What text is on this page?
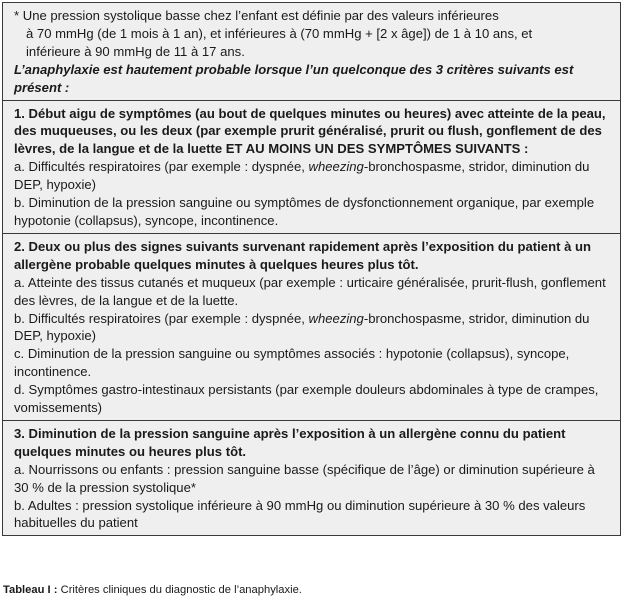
* Une pression systolique basse chez l’enfant est définie par des valeurs inférieures
à 70 mmHg (de 1 mois à 1 an), et inférieures à (70 mmHg + [2 x âge]) de 1 à 10 ans, et
inférieure à 90 mmHg de 11 à 17 ans.
L’anaphylaxie est hautement probable lorsque l’un quelconque des 3 critères suivants est
présent :
1. Début aigu de symptômes (au bout de quelques minutes ou heures) avec atteinte de la peau, des muqueuses, ou les deux (par exemple prurit généralisé, prurit ou flush, gonflement de des lèvres, de la langue et de la luette ET AU MOINS UN DES SYMPTÔMES SUIVANTS :
a. Difficultés respiratoires (par exemple : dyspnée, wheezing-bronchospasme, stridor, diminution du DEP, hypoxie)
b. Diminution de la pression sanguine ou symptômes de dysfonctionnement organique, par exemple hypotonie (collapsus), syncope, incontinence.
2. Deux ou plus des signes suivants survenant rapidement après l’exposition du patient à un allergène probable quelques minutes à quelques heures plus tôt.
a. Atteinte des tissus cutanés et muqueux (par exemple : urticaire généralisée, prurit-flush, gonflement des lèvres, de la langue et de la luette.
b. Difficultés respiratoires (par exemple : dyspnée, wheezing-bronchospasme, stridor, diminution du DEP, hypoxie)
c. Diminution de la pression sanguine ou symptômes associés : hypotonie (collapsus), syncope, incontinence.
d. Symptômes gastro-intestinaux persistants (par exemple douleurs abdominales à type de crampes, vomissements)
3. Diminution de la pression sanguine après l’exposition à un allergène connu du patient quelques minutes ou heures plus tôt.
a. Nourrissons ou enfants : pression sanguine basse (spécifique de l’âge) or diminution supérieure à 30 % de la pression systolique*
b. Adultes : pression systolique inférieure à 90 mmHg ou diminution supérieure à 30 % des valeurs habituelles du patient
Tableau I : Critères cliniques du diagnostic de l’anaphylaxie.
